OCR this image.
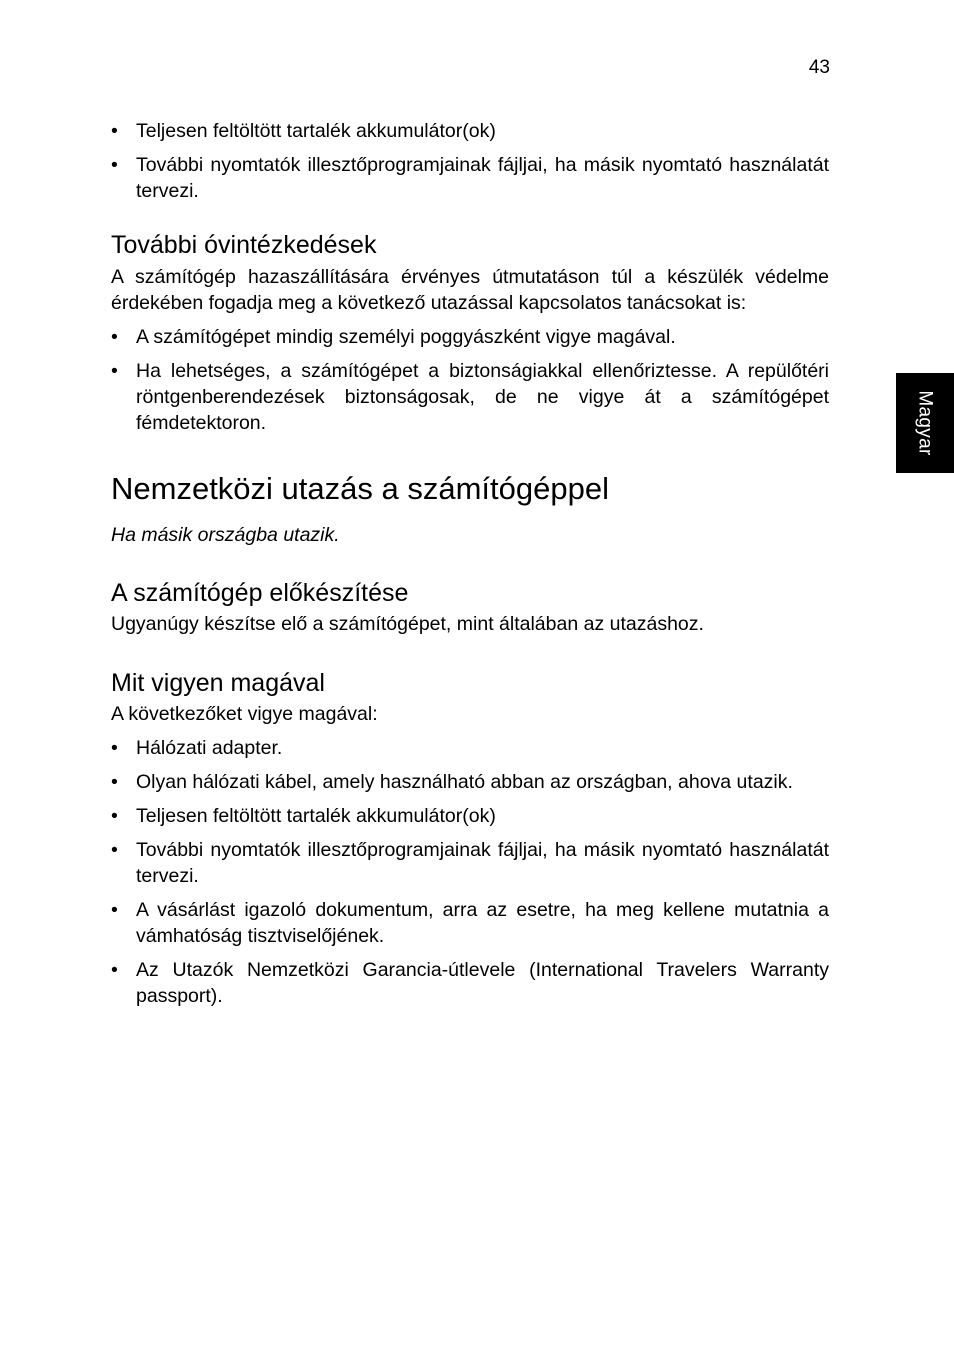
43
Magyar
• Teljesen feltöltött tartalék akkumulátor(ok)
• További nyomtatók illesztőprogramjainak fájljai, ha másik nyomtató használatát tervezi.
További óvintézkedések

A számítógép hazaszállítására érvényes útmutatáson túl a készülék védelme érdekében fogadja meg a következő utazással kapcsolatos tanácsokat is:

• A számítógépet mindig személyi poggyászként vigye magával.
• Ha lehetséges, a számítógépet a biztonságiakkal ellenőriztesse. A repülőtéri röntgenberendezések biztonságosak, de ne vigye át a számítógépet fémdetektoron.
Nemzetközi utazás a számítógéppel

Ha másik országba utazik.

A számítógép előkészítése

Ugyanúgy készítse elő a számítógépet, mint általában az utazáshoz.

Mit vigyen magával

A következőket vigye magával:

• Hálózati adapter.
• Olyan hálózati kábel, amely használható abban az országban, ahova utazik.
• Teljesen feltöltött tartalék akkumulátor(ok)
• További nyomtatók illesztőprogramjainak fájljai, ha másik nyomtató használatát tervezi.
• A vásárlást igazoló dokumentum, arra az esetre, ha meg kellene mutatnia a vámhatóság tisztviselőjének.
• Az Utazók Nemzetközi Garancia-útlevele (International Travelers Warranty passport).
